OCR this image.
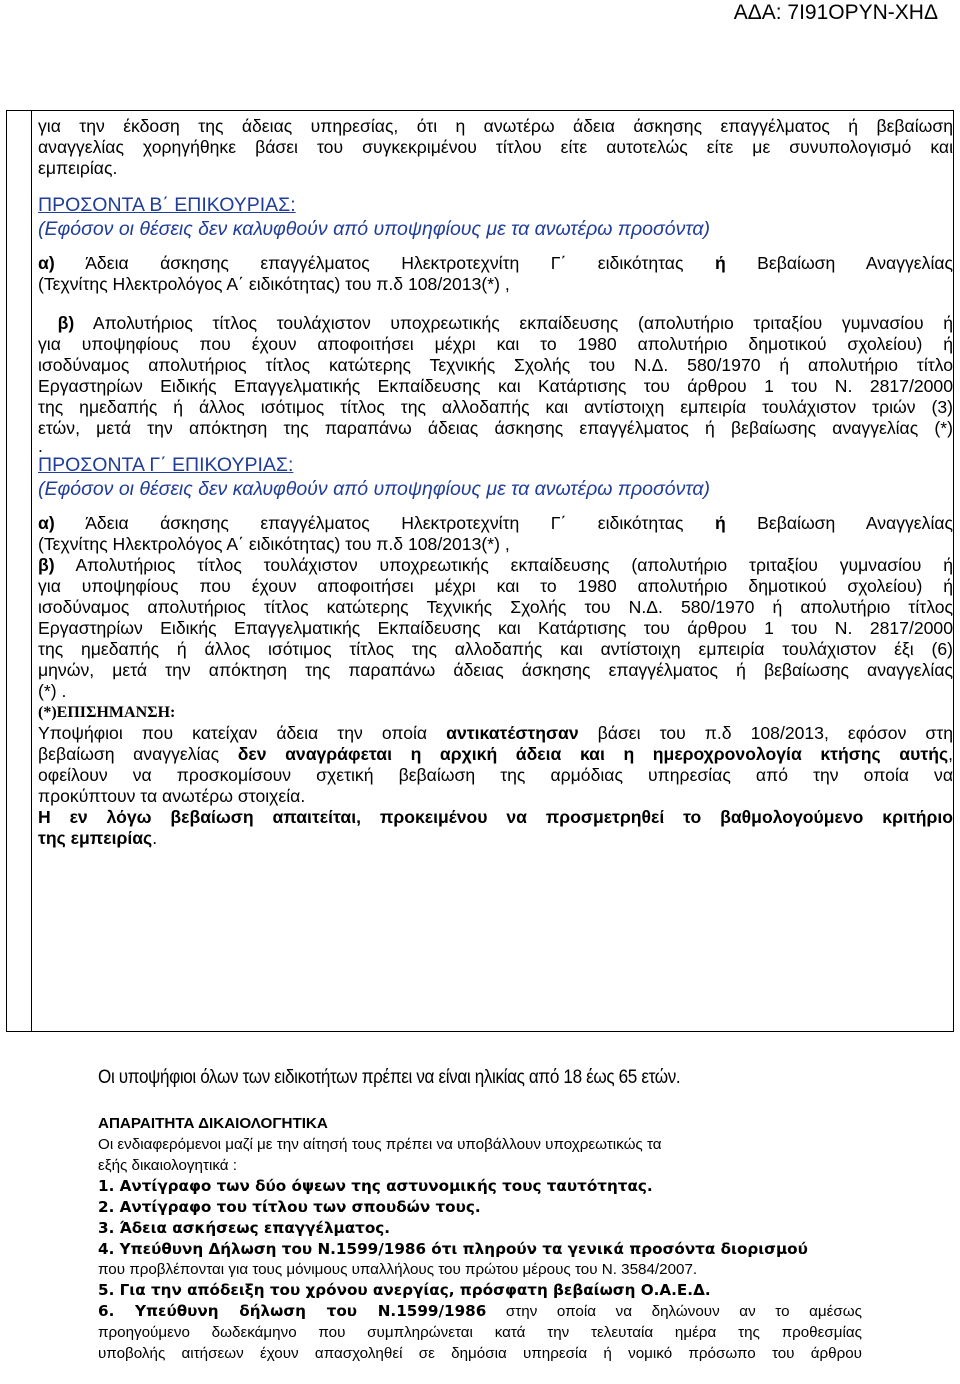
ΑΔΑ: 7Ι91ΟΡΥΝ-ΧΗΔ

για την έκδοση της άδειας υπηρεσίας, ότι η ανωτέρω άδεια άσκησης επαγγέλματος ή βεβαίωση

αναγγελίας χορηγήθηκε βάσει του συγκεκριμένου τίτλου είτε αυτοτελώς είτε με συνυπολογισμό και

εμπειρίας.

ΠΡΟΣΟΝΤΑ Β΄ ΕΠΙΚΟΥΡΙΑΣ:

(Εφόσον οι θέσεις δεν καλυφθούν από υποψηφίους με τα ανωτέρω προσόντα)

α) Άδεια άσκησης επαγγέλματος Ηλεκτροτεχνίτη Γ΄ ειδικότητας ή Βεβαίωση Αναγγελίας

(Τεχνίτης Ηλεκτρολόγος Α΄ ειδικότητας) του π.δ 108/2013(*) ,

β) Απολυτήριος τίτλος τουλάχιστον υποχρεωτικής εκπαίδευσης (απολυτήριο τριταξίου γυμνασίου ή

για υποψηφίους που έχουν αποφοιτήσει μέχρι και το 1980 απολυτήριο δημοτικού σχολείου) ή

ισοδύναμος απολυτήριος τίτλος κατώτερης Τεχνικής Σχολής του Ν.Δ. 580/1970 ή απολυτήριο τίτλο

Εργαστηρίων Ειδικής Επαγγελματικής Εκπαίδευσης και Κατάρτισης του άρθρου 1 του Ν. 2817/2000

της ημεδαπής ή άλλος ισότιμος τίτλος της αλλοδαπής και αντίστοιχη εμπειρία τουλάχιστον τριών (3)

ετών, μετά την απόκτηση της παραπάνω άδειας άσκησης επαγγέλματος ή βεβαίωσης αναγγελίας (*)

.

ΠΡΟΣΟΝΤΑ Γ΄ ΕΠΙΚΟΥΡΙΑΣ:

(Εφόσον οι θέσεις δεν καλυφθούν από υποψηφίους με τα ανωτέρω προσόντα)

α) Άδεια άσκησης επαγγέλματος Ηλεκτροτεχνίτη Γ΄ ειδικότητας ή Βεβαίωση Αναγγελίας

(Τεχνίτης Ηλεκτρολόγος Α΄ ειδικότητας) του π.δ 108/2013(*) ,

β) Απολυτήριος τίτλος τουλάχιστον υποχρεωτικής εκπαίδευσης (απολυτήριο τριταξίου γυμνασίου ή

για υποψηφίους που έχουν αποφοιτήσει μέχρι και το 1980 απολυτήριο δημοτικού σχολείου) ή

ισοδύναμος απολυτήριος τίτλος κατώτερης Τεχνικής Σχολής του Ν.Δ. 580/1970 ή απολυτήριο τίτλος

Εργαστηρίων Ειδικής Επαγγελματικής Εκπαίδευσης και Κατάρτισης του άρθρου 1 του Ν. 2817/2000

της ημεδαπής ή άλλος ισότιμος τίτλος της αλλοδαπής και αντίστοιχη εμπειρία τουλάχιστον έξι (6)

μηνών, μετά την απόκτηση της παραπάνω άδειας άσκησης επαγγέλματος ή βεβαίωσης αναγγελίας

(*) .

(*)ΕΠΙΣΗΜΑΝΣΗ:

Υποψήφιοι που κατείχαν άδεια την οποία αντικατέστησαν βάσει του π.δ 108/2013, εφόσον στη

βεβαίωση αναγγελίας δεν αναγράφεται η αρχική άδεια και η ημεροχρονολογία κτήσης αυτής,

οφείλουν να προσκομίσουν σχετική βεβαίωση της αρμόδιας υπηρεσίας από την οποία να

προκύπτουν τα ανωτέρω στοιχεία.

Η εν λόγω βεβαίωση απαιτείται, προκειμένου να προσμετρηθεί το βαθμολογούμενο κριτήριο

της εμπειρίας.

Οι υποψήφιοι όλων των ειδικοτήτων πρέπει να είναι ηλικίας από 18 έως 65 ετών.

ΑΠΑΡΑΙΤΗΤΑ ΔΙΚΑΙΟΛΟΓΗΤΙΚΑ

Οι ενδιαφερόμενοι μαζί με την αίτησή τους πρέπει να υποβάλλουν υποχρεωτικώς τα

εξής δικαιολογητικά :

1. Αντίγραφο των δύο όψεων της αστυνομικής τους ταυτότητας.

2. Αντίγραφο του τίτλου των σπουδών τους.

3. Άδεια ασκήσεως επαγγέλματος.

4. Υπεύθυνη Δήλωση του Ν.1599/1986 ότι πληρούν τα γενικά προσόντα διορισμού

που προβλέπονται για τους μόνιμους υπαλλήλους του πρώτου μέρους του Ν. 3584/2007.

5. Για την απόδειξη του χρόνου ανεργίας, πρόσφατη βεβαίωση Ο.Α.Ε.Δ.

6. Υπεύθυνη δήλωση του Ν.1599/1986 στην οποία να δηλώνουν αν το αμέσως

προηγούμενο δωδεκάμηνο που συμπληρώνεται κατά την τελευταία ημέρα της προθεσμίας

υποβολής αιτήσεων έχουν απασχοληθεί σε δημόσια υπηρεσία ή νομικό πρόσωπο του άρθρου
